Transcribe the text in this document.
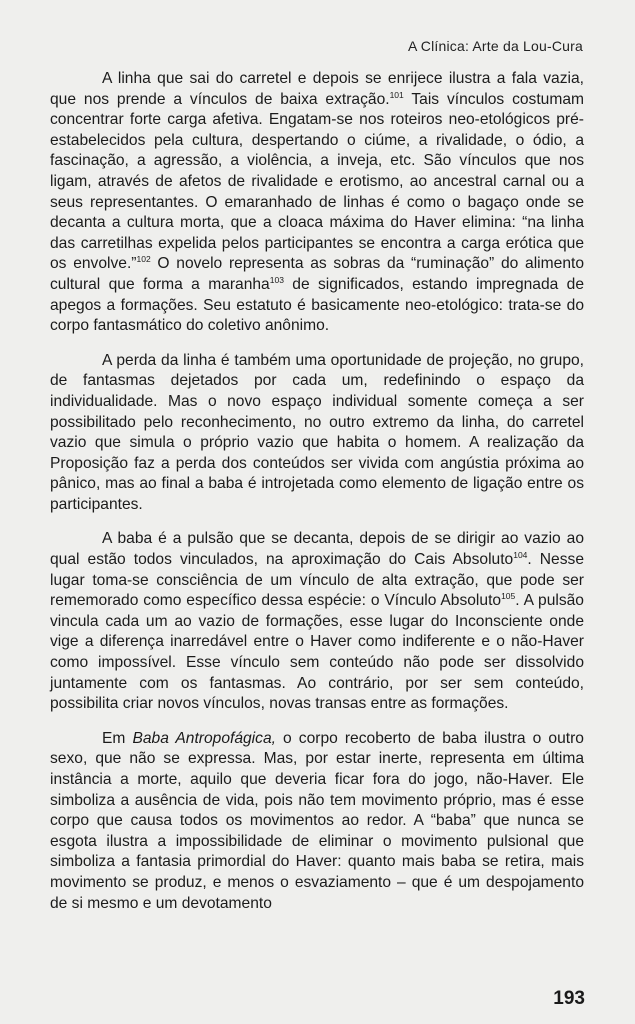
A Clínica: Arte da Lou-Cura

A linha que sai do carretel e depois se enrijece ilustra a fala vazia, que nos prende a vínculos de baixa extração.$^{101}$ Tais vínculos costumam concentrar forte carga afetiva. Engatam-se nos roteiros neo-etológicos pré-estabelecidos pela cultura, despertando o ciúme, a rivalidade, o ódio, a fascinação, a agressão, a violência, a inveja, etc. São vínculos que nos ligam, através de afetos de rivalidade e erotismo, ao ancestral carnal ou a seus representantes. O emaranhado de linhas é como o bagaço onde se decanta a cultura morta, que a cloaca máxima do Haver elimina: “na linha das carretilhas expelida pelos participantes se encontra a carga erótica que os envolve.”$^{102}$ O novelo representa as sobras da “ruminação” do alimento cultural que forma a maranha$^{103}$ de significados, estando impregnada de apegos a formações. Seu estatuto é basicamente neo-etológico: trata-se do corpo fantasmático do coletivo anônimo.

A perda da linha é também uma oportunidade de projeção, no grupo, de fantasmas dejetados por cada um, redefinindo o espaço da individualidade. Mas o novo espaço individual somente começa a ser possibilitado pelo reconhecimento, no outro extremo da linha, do carretel vazio que simula o próprio vazio que habita o homem. A realização da Proposição faz a perda dos conteúdos ser vivida com angústia próxima ao pânico, mas ao final a baba é introjetada como elemento de ligação entre os participantes.

A baba é a pulsão que se decanta, depois de se dirigir ao vazio ao qual estão todos vinculados, na aproximação do Cais Absoluto$^{104}$. Nesse lugar toma-se consciência de um vínculo de alta extração, que pode ser rememorado como específico dessa espécie: o Vínculo Absoluto$^{105}$. A pulsão vincula cada um ao vazio de formações, esse lugar do Inconsciente onde vige a diferença inarredável entre o Haver como indiferente e o não-Haver como impossível. Esse vínculo sem conteúdo não pode ser dissolvido juntamente com os fantasmas. Ao contrário, por ser sem conteúdo, possibilita criar novos vínculos, novas transas entre as formações.

Em Baba Antropofágica, o corpo recoberto de baba ilustra o outro sexo, que não se expressa. Mas, por estar inerte, representa em última instância a morte, aquilo que deveria ficar fora do jogo, não-Haver. Ele simboliza a ausência de vida, pois não tem movimento próprio, mas é esse corpo que causa todos os movimentos ao redor. A “baba” que nunca se esgota ilustra a impossibilidade de eliminar o movimento pulsional que simboliza a fantasia primordial do Haver: quanto mais baba se retira, mais movimento se produz, e menos o esvaziamento – que é um despojamento de si mesmo e um devotamento

193
